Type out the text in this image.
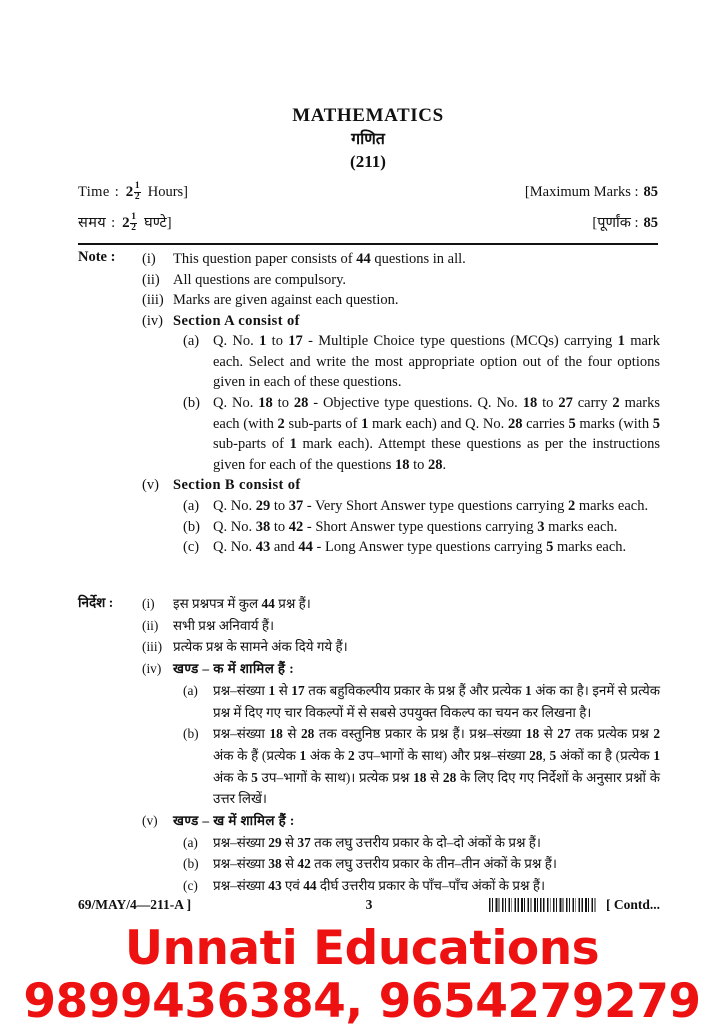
MATHEMATICS
गणित
(211)
Time : $2 \frac{1}{2}$ Hours]	[Maximum Marks : 85
समय : $2 \frac{1}{2}$ घण्टे]	[पूर्णांक : 85
Note : (i)	This question paper consists of 44 questions in all.
(ii) All questions are compulsory.
(iii) Marks are given against each question.
(iv) Section A consist of
(a) Q. No. 1 to 17 - Multiple Choice type questions (MCQs) carrying 1 mark each. Select and write the most appropriate option out of the four options given in each of these questions.
(b) Q. No. 18 to 28 - Objective type questions. Q. No. 18 to 27 carry 2 marks each (with 2 sub-parts of 1 mark each) and Q. No. 28 carries 5 marks (with 5 sub-parts of 1 mark each). Attempt these questions as per the instructions given for each of the questions 18 to 28.
(v) Section B consist of
(a) Q. No. 29 to 37 - Very Short Answer type questions carrying 2 marks each.
(b) Q. No. 38 to 42 - Short Answer type questions carrying 3 marks each.
(c) Q. No. 43 and 44 - Long Answer type questions carrying 5 marks each.
निर्देश : (i)	इस प्रश्नपत्र में कुल 44 प्रश्न हैं।
(ii)	सभी प्रश्न अनिवार्य हैं।
(iii) प्रत्येक प्रश्न के सामने अंक दिये गये हैं।
(iv) खण्ड – क में शामिल हैं :
(a)	प्रश्न–संख्या 1 से 17 तक बहुविकल्पीय प्रकार के प्रश्न हैं और प्रत्येक 1 अंक का है। इनमें से प्रत्येक प्रश्न में दिए गए चार विकल्पों में से सबसे उपयुक्त विकल्प का चयन कर लिखना है।
(b)	प्रश्न–संख्या 18 से 28 तक वस्तुनिष्ठ प्रकार के प्रश्न हैं। प्रश्न–संख्या 18 से 27 तक प्रत्येक प्रश्न 2 अंक के हैं (प्रत्येक 1 अंक के 2 उप–भागों के साथ) और प्रश्न–संख्या 28, 5 अंकों का है (प्रत्येक 1 अंक के 5 उप–भागों के साथ)। प्रत्येक प्रश्न 18 से 28 के लिए दिए गए निर्देशों के अनुसार प्रश्नों के उत्तर लिखें।
(v)	खण्ड – ख में शामिल हैं :
(a)	प्रश्न–संख्या 29 से 37 तक लघु उत्तरीय प्रकार के दो–दो अंकों के प्रश्न हैं।
(b)	प्रश्न–संख्या 38 से 42 तक लघु उत्तरीय प्रकार के तीन–तीन अंकों के प्रश्न हैं।
(c)	प्रश्न–संख्या 43 एवं 44 दीर्घ उत्तरीय प्रकार के पाँच–पाँच अंकों के प्रश्न हैं।
69/MAY/4—211-A ]	3	[ Contd...
Unnati Educations
9899436384, 9654279279
